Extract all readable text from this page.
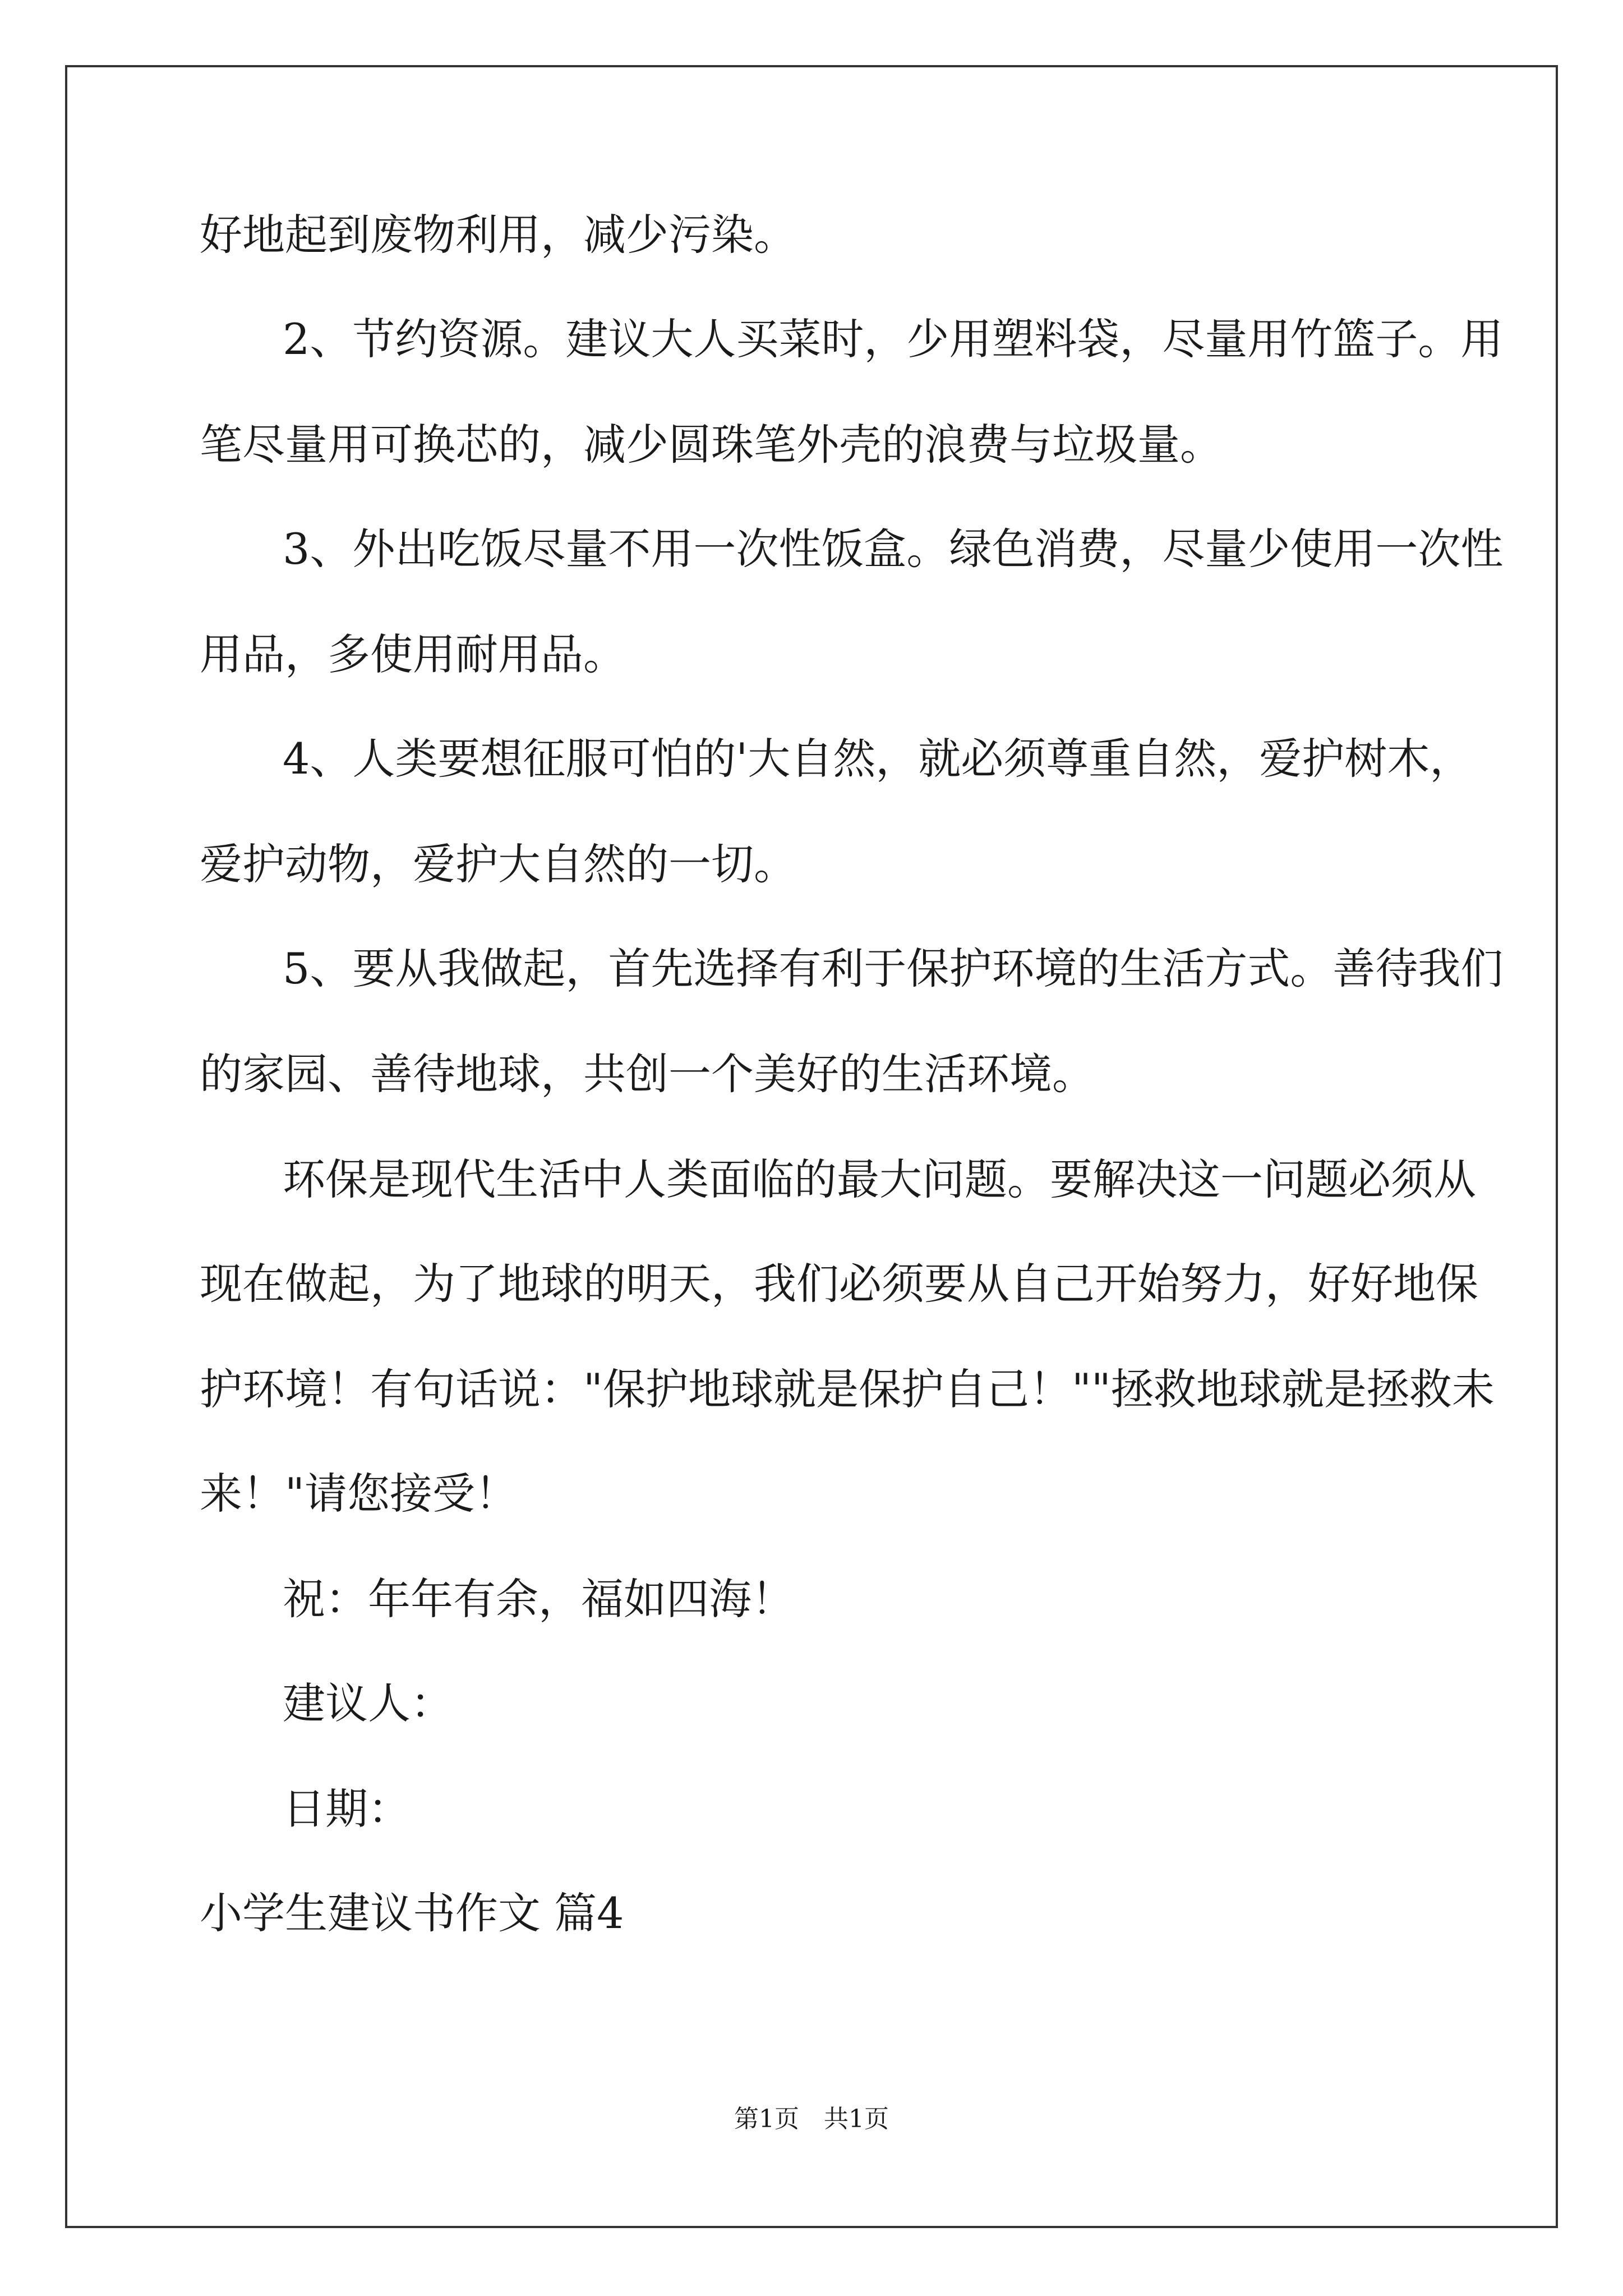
好地起到废物利用，减少污染。
2、节约资源。建议大人买菜时，少用塑料袋，尽量用竹篮子。用
笔尽量用可换芯的，减少圆珠笔外壳的浪费与垃圾量。
3、外出吃饭尽量不用一次性饭盒。绿色消费，尽量少使用一次性
用品，多使用耐用品。
4、人类要想征服可怕的'大自然，就必须尊重自然，爱护树木，
爱护动物，爱护大自然的一切。
5、要从我做起，首先选择有利于保护环境的生活方式。善待我们
的家园、善待地球，共创一个美好的生活环境。
环保是现代生活中人类面临的最大问题。要解决这一问题必须从
现在做起，为了地球的明天，我们必须要从自己开始努力，好好地保
护环境！有句话说："保护地球就是保护自己！""拯救地球就是拯救未
来！"请您接受！
祝：年年有余，福如四海！
建议人：
日期：
小学生建议书作文 篇4
第1页 共1页
